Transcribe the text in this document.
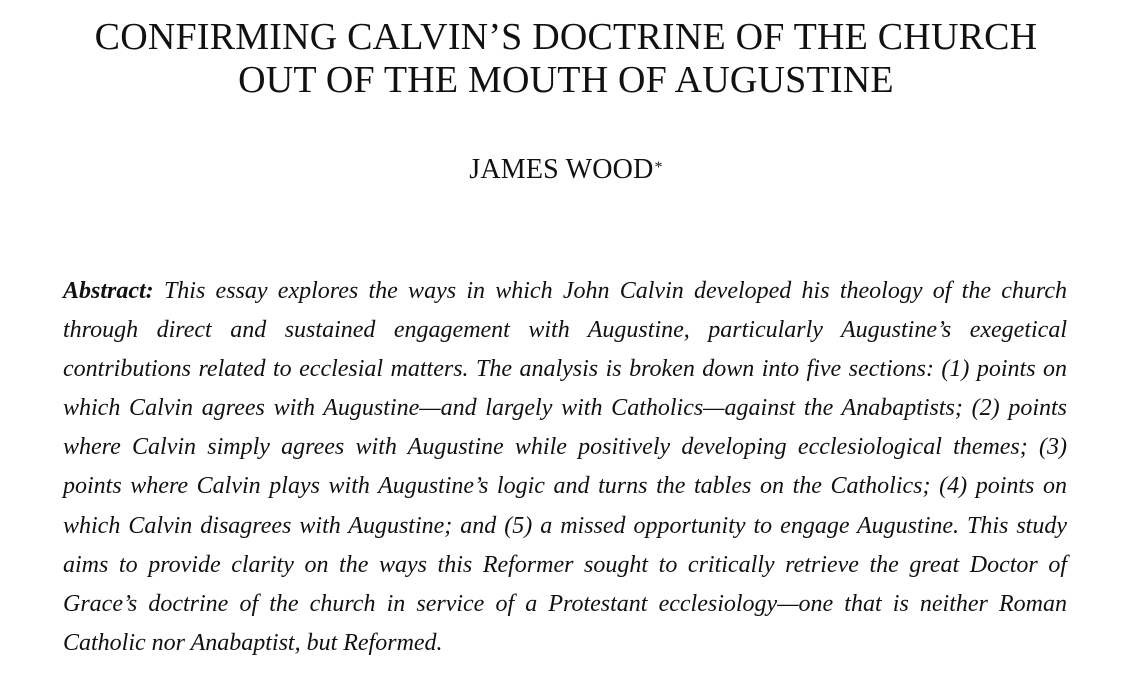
CONFIRMING CALVIN’S DOCTRINE OF THE CHURCH
OUT OF THE MOUTH OF AUGUSTINE
JAMES WOOD*

Abstract: This essay explores the ways in which John Calvin developed his theology of the church through direct and sustained engagement with Augustine, particularly Augustine’s exegetical contributions related to ecclesial matters. The analysis is broken down into five sections: (1) points on which Calvin agrees with Augustine—and largely with Catholics—against the Anabaptists; (2) points where Calvin simply agrees with Augustine while positively developing ecclesiological themes; (3) points where Calvin plays with Augustine’s logic and turns the tables on the Catholics; (4) points on which Calvin disagrees with Augustine; and (5) a missed opportunity to engage Augustine. This study aims to provide clarity on the ways this Reformer sought to critically retrieve the great Doctor of Grace’s doctrine of the church in service of a Protestant ecclesiology—one that is neither Roman Catholic nor Anabaptist, but Reformed.
